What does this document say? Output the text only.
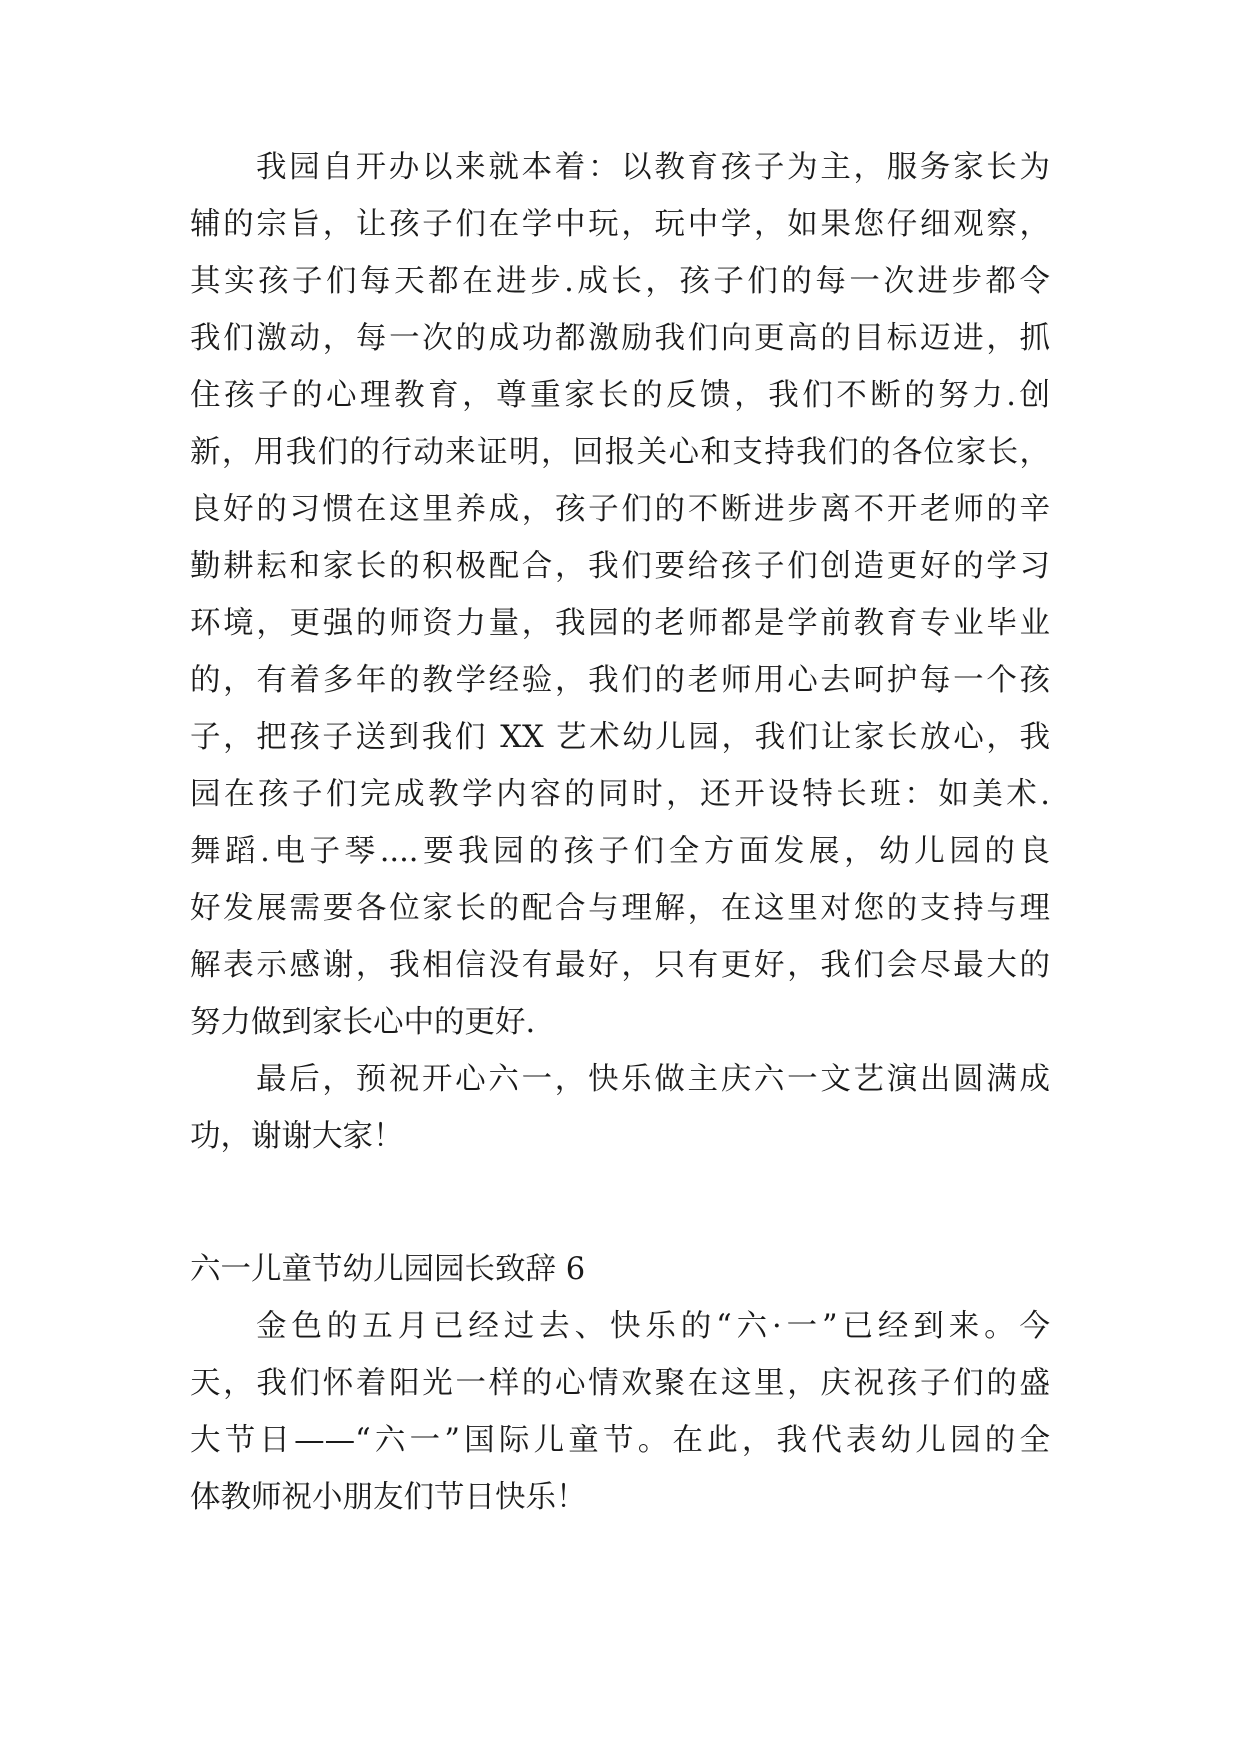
我园自开办以来就本着：以教育孩子为主，服务家长为
辅的宗旨，让孩子们在学中玩，玩中学，如果您仔细观察，
其实孩子们每天都在进步.成长，孩子们的每一次进步都令
我们激动，每一次的成功都激励我们向更高的目标迈进，抓
住孩子的心理教育，尊重家长的反馈，我们不断的努力.创
新，用我们的行动来证明，回报关心和支持我们的各位家长，
良好的习惯在这里养成，孩子们的不断进步离不开老师的辛
勤耕耘和家长的积极配合，我们要给孩子们创造更好的学习
环境，更强的师资力量，我园的老师都是学前教育专业毕业
的，有着多年的教学经验，我们的老师用心去呵护每一个孩
子，把孩子送到我们 XX 艺术幼儿园，我们让家长放心，我
园在孩子们完成教学内容的同时，还开设特长班：如美术.
舞蹈.电子琴....要我园的孩子们全方面发展，幼儿园的良
好发展需要各位家长的配合与理解，在这里对您的支持与理
解表示感谢，我相信没有最好，只有更好，我们会尽最大的
努力做到家长心中的更好.
最后，预祝开心六一，快乐做主庆六一文艺演出圆满成
功，谢谢大家！
六一儿童节幼儿园园长致辞 6
金色的五月已经过去、快乐的“六·一”已经到来。今
天，我们怀着阳光一样的心情欢聚在这里，庆祝孩子们的盛
大节日——“六一”国际儿童节。在此，我代表幼儿园的全
体教师祝小朋友们节日快乐！
